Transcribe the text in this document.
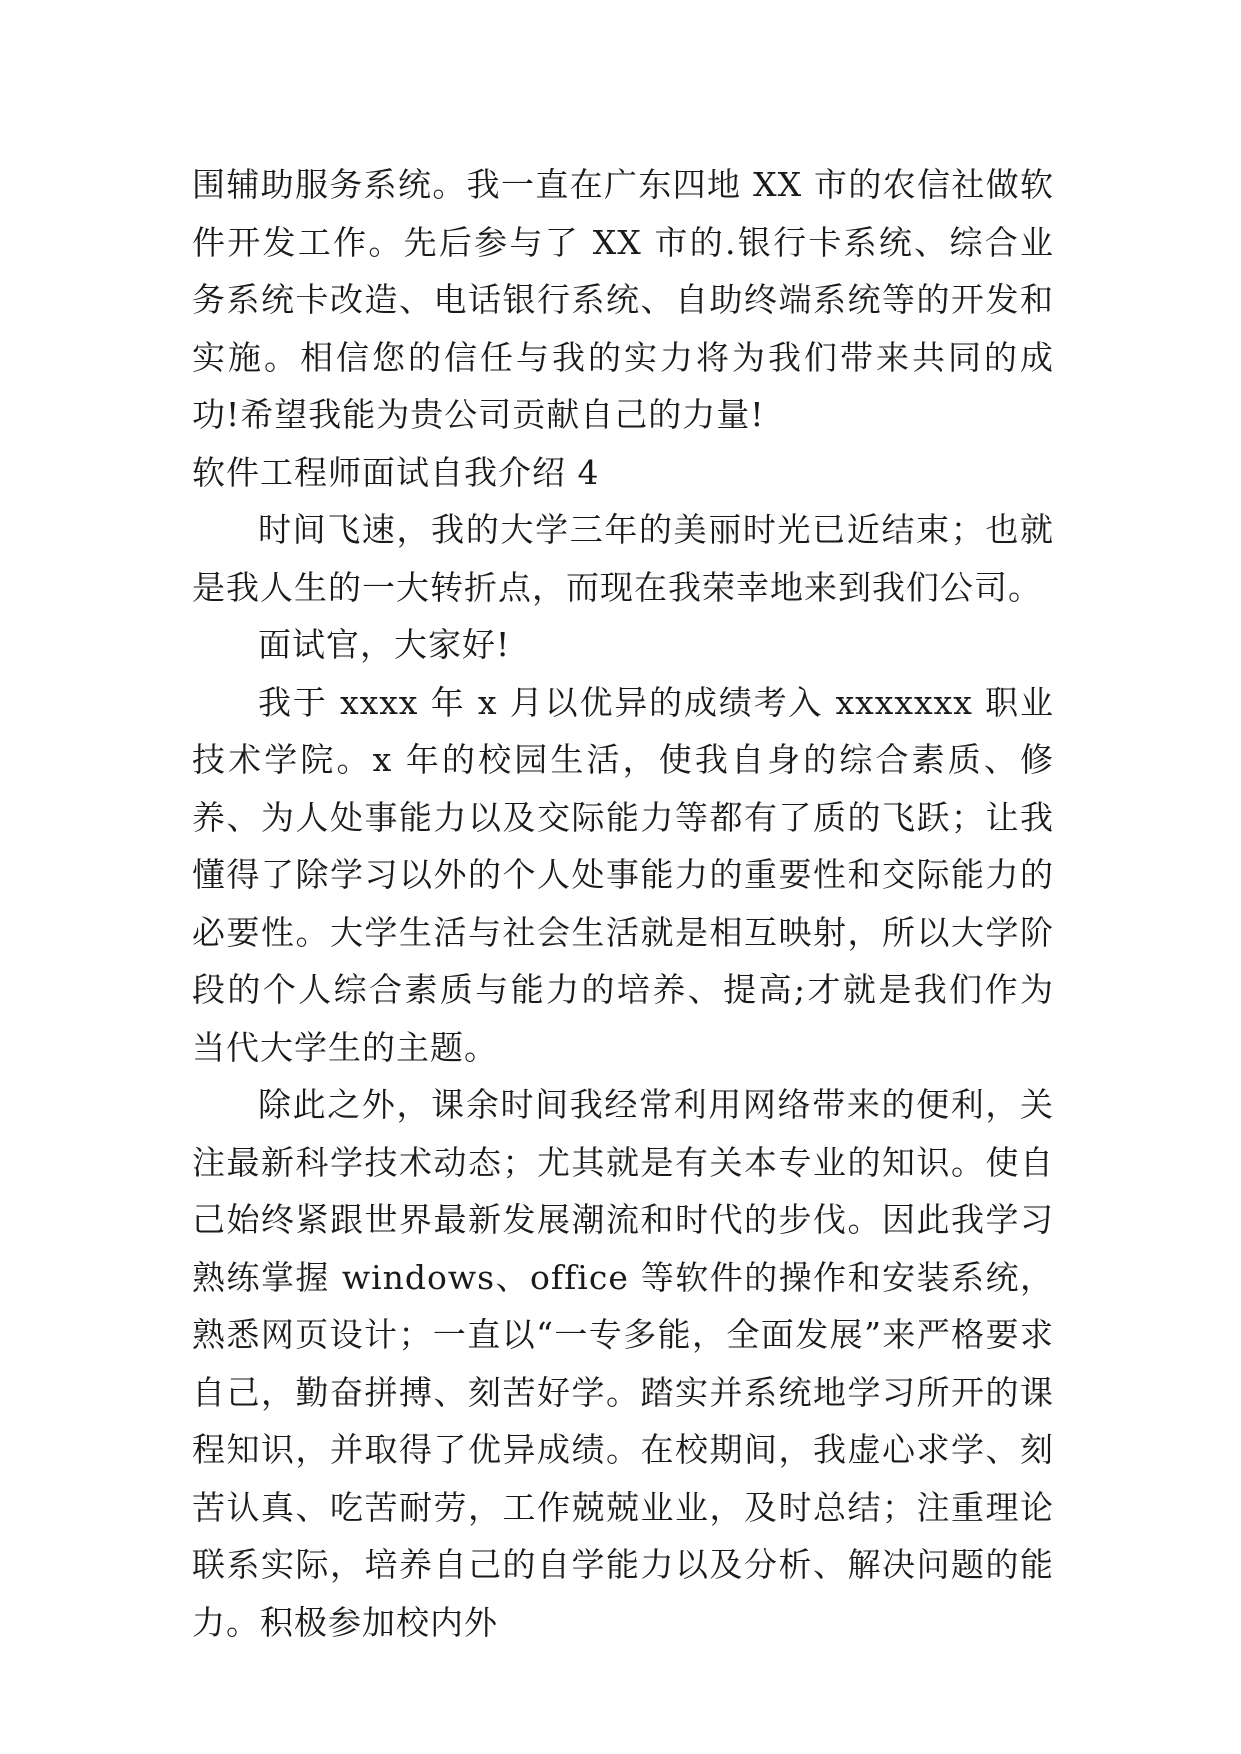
围辅助服务系统。我一直在广东四地 XX 市的农信社做软件开发工作。先后参与了 XX 市的.银行卡系统、综合业务系统卡改造、电话银行系统、自助终端系统等的开发和实施。相信您的信任与我的实力将为我们带来共同的成功!希望我能为贵公司贡献自己的力量!

软件工程师面试自我介绍 4

时间飞速，我的大学三年的美丽时光已近结束；也就是我人生的一大转折点，而现在我荣幸地来到我们公司。

面试官，大家好!

我于 xxxx 年 x 月以优异的成绩考入 xxxxxxx 职业技术学院。x 年的校园生活，使我自身的综合素质、修养、为人处事能力以及交际能力等都有了质的飞跃；让我懂得了除学习以外的个人处事能力的重要性和交际能力的必要性。大学生活与社会生活就是相互映射，所以大学阶段的个人综合素质与能力的培养、提高;才就是我们作为当代大学生的主题。

除此之外，课余时间我经常利用网络带来的便利，关注最新科学技术动态；尤其就是有关本专业的知识。使自己始终紧跟世界最新发展潮流和时代的步伐。因此我学习熟练掌握 windows、office 等软件的操作和安装系统，熟悉网页设计；一直以“一专多能，全面发展”来严格要求自己，勤奋拼搏、刻苦好学。踏实并系统地学习所开的课程知识，并取得了优异成绩。在校期间，我虚心求学、刻苦认真、吃苦耐劳，工作兢兢业业，及时总结；注重理论联系实际，培养自己的自学能力以及分析、解决问题的能力。积极参加校内外
